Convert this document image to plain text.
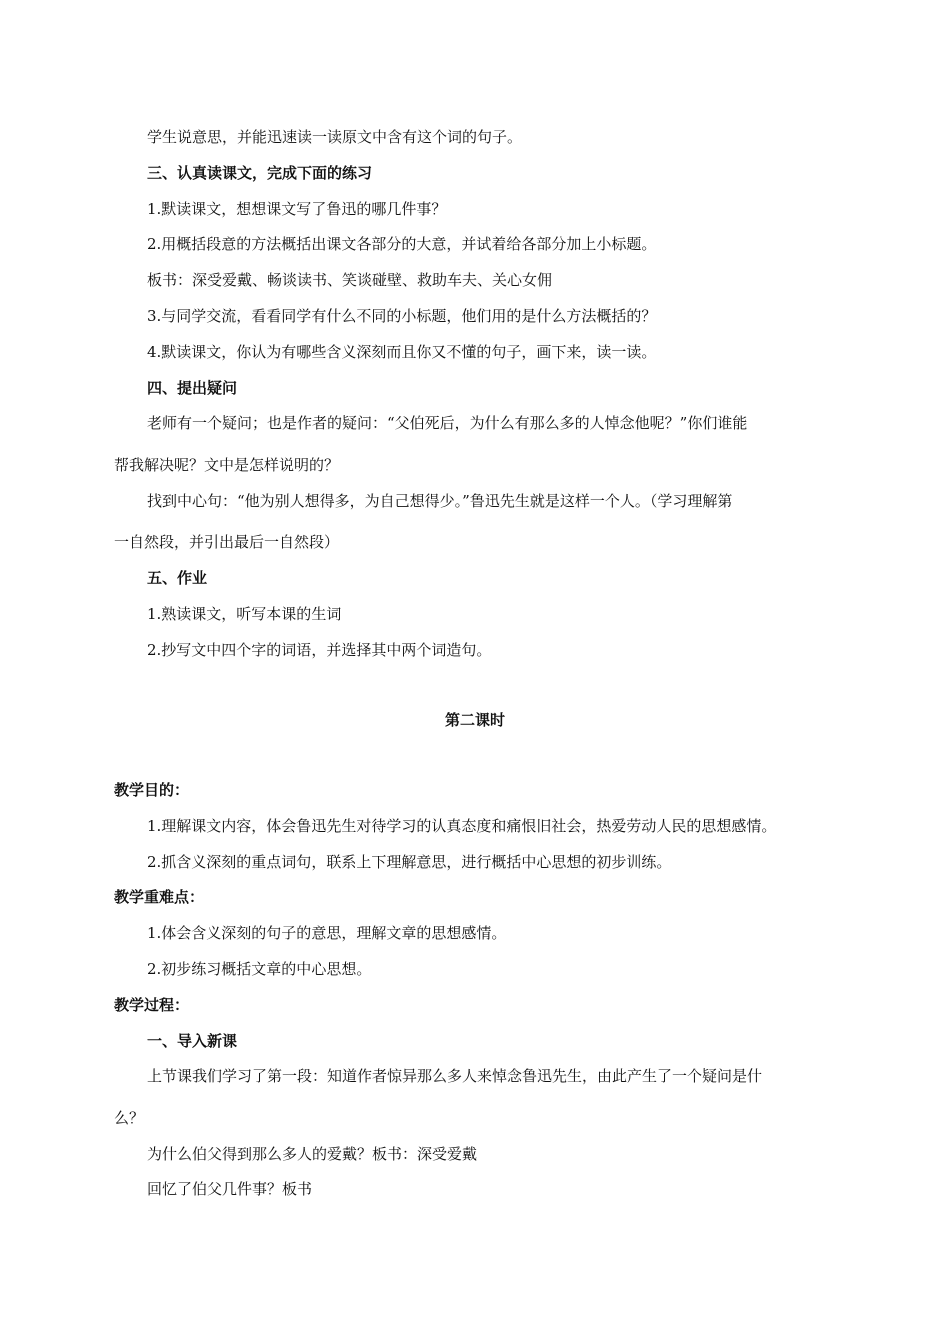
学生说意思，并能迅速读一读原文中含有这个词的句子。
三、认真读课文，完成下面的练习
1.默读课文，想想课文写了鲁迅的哪几件事？
2.用概括段意的方法概括出课文各部分的大意，并试着给各部分加上小标题。
板书：深受爱戴、畅谈读书、笑谈碰壁、救助车夫、关心女佣
3.与同学交流，看看同学有什么不同的小标题，他们用的是什么方法概括的？
4.默读课文，你认为有哪些含义深刻而且你又不懂的句子，画下来，读一读。
四、提出疑问
老师有一个疑问；也是作者的疑问：“父伯死后，为什么有那么多的人悼念他呢？”你们谁能
帮我解决呢？文中是怎样说明的？
找到中心句：“他为别人想得多，为自己想得少。”鲁迅先生就是这样一个人。（学习理解第
一自然段，并引出最后一自然段）
五、作业
1.熟读课文，听写本课的生词
2.抄写文中四个字的词语，并选择其中两个词造句。
第二课时
教学目的：
1.理解课文内容，体会鲁迅先生对待学习的认真态度和痛恨旧社会，热爱劳动人民的思想感情。
2.抓含义深刻的重点词句，联系上下理解意思，进行概括中心思想的初步训练。
教学重难点：
1.体会含义深刻的句子的意思，理解文章的思想感情。
2.初步练习概括文章的中心思想。
教学过程：
一、导入新课
上节课我们学习了第一段：知道作者惊异那么多人来悼念鲁迅先生，由此产生了一个疑问是什
么？
为什么伯父得到那么多人的爱戴？板书：深受爱戴
回忆了伯父几件事？板书
